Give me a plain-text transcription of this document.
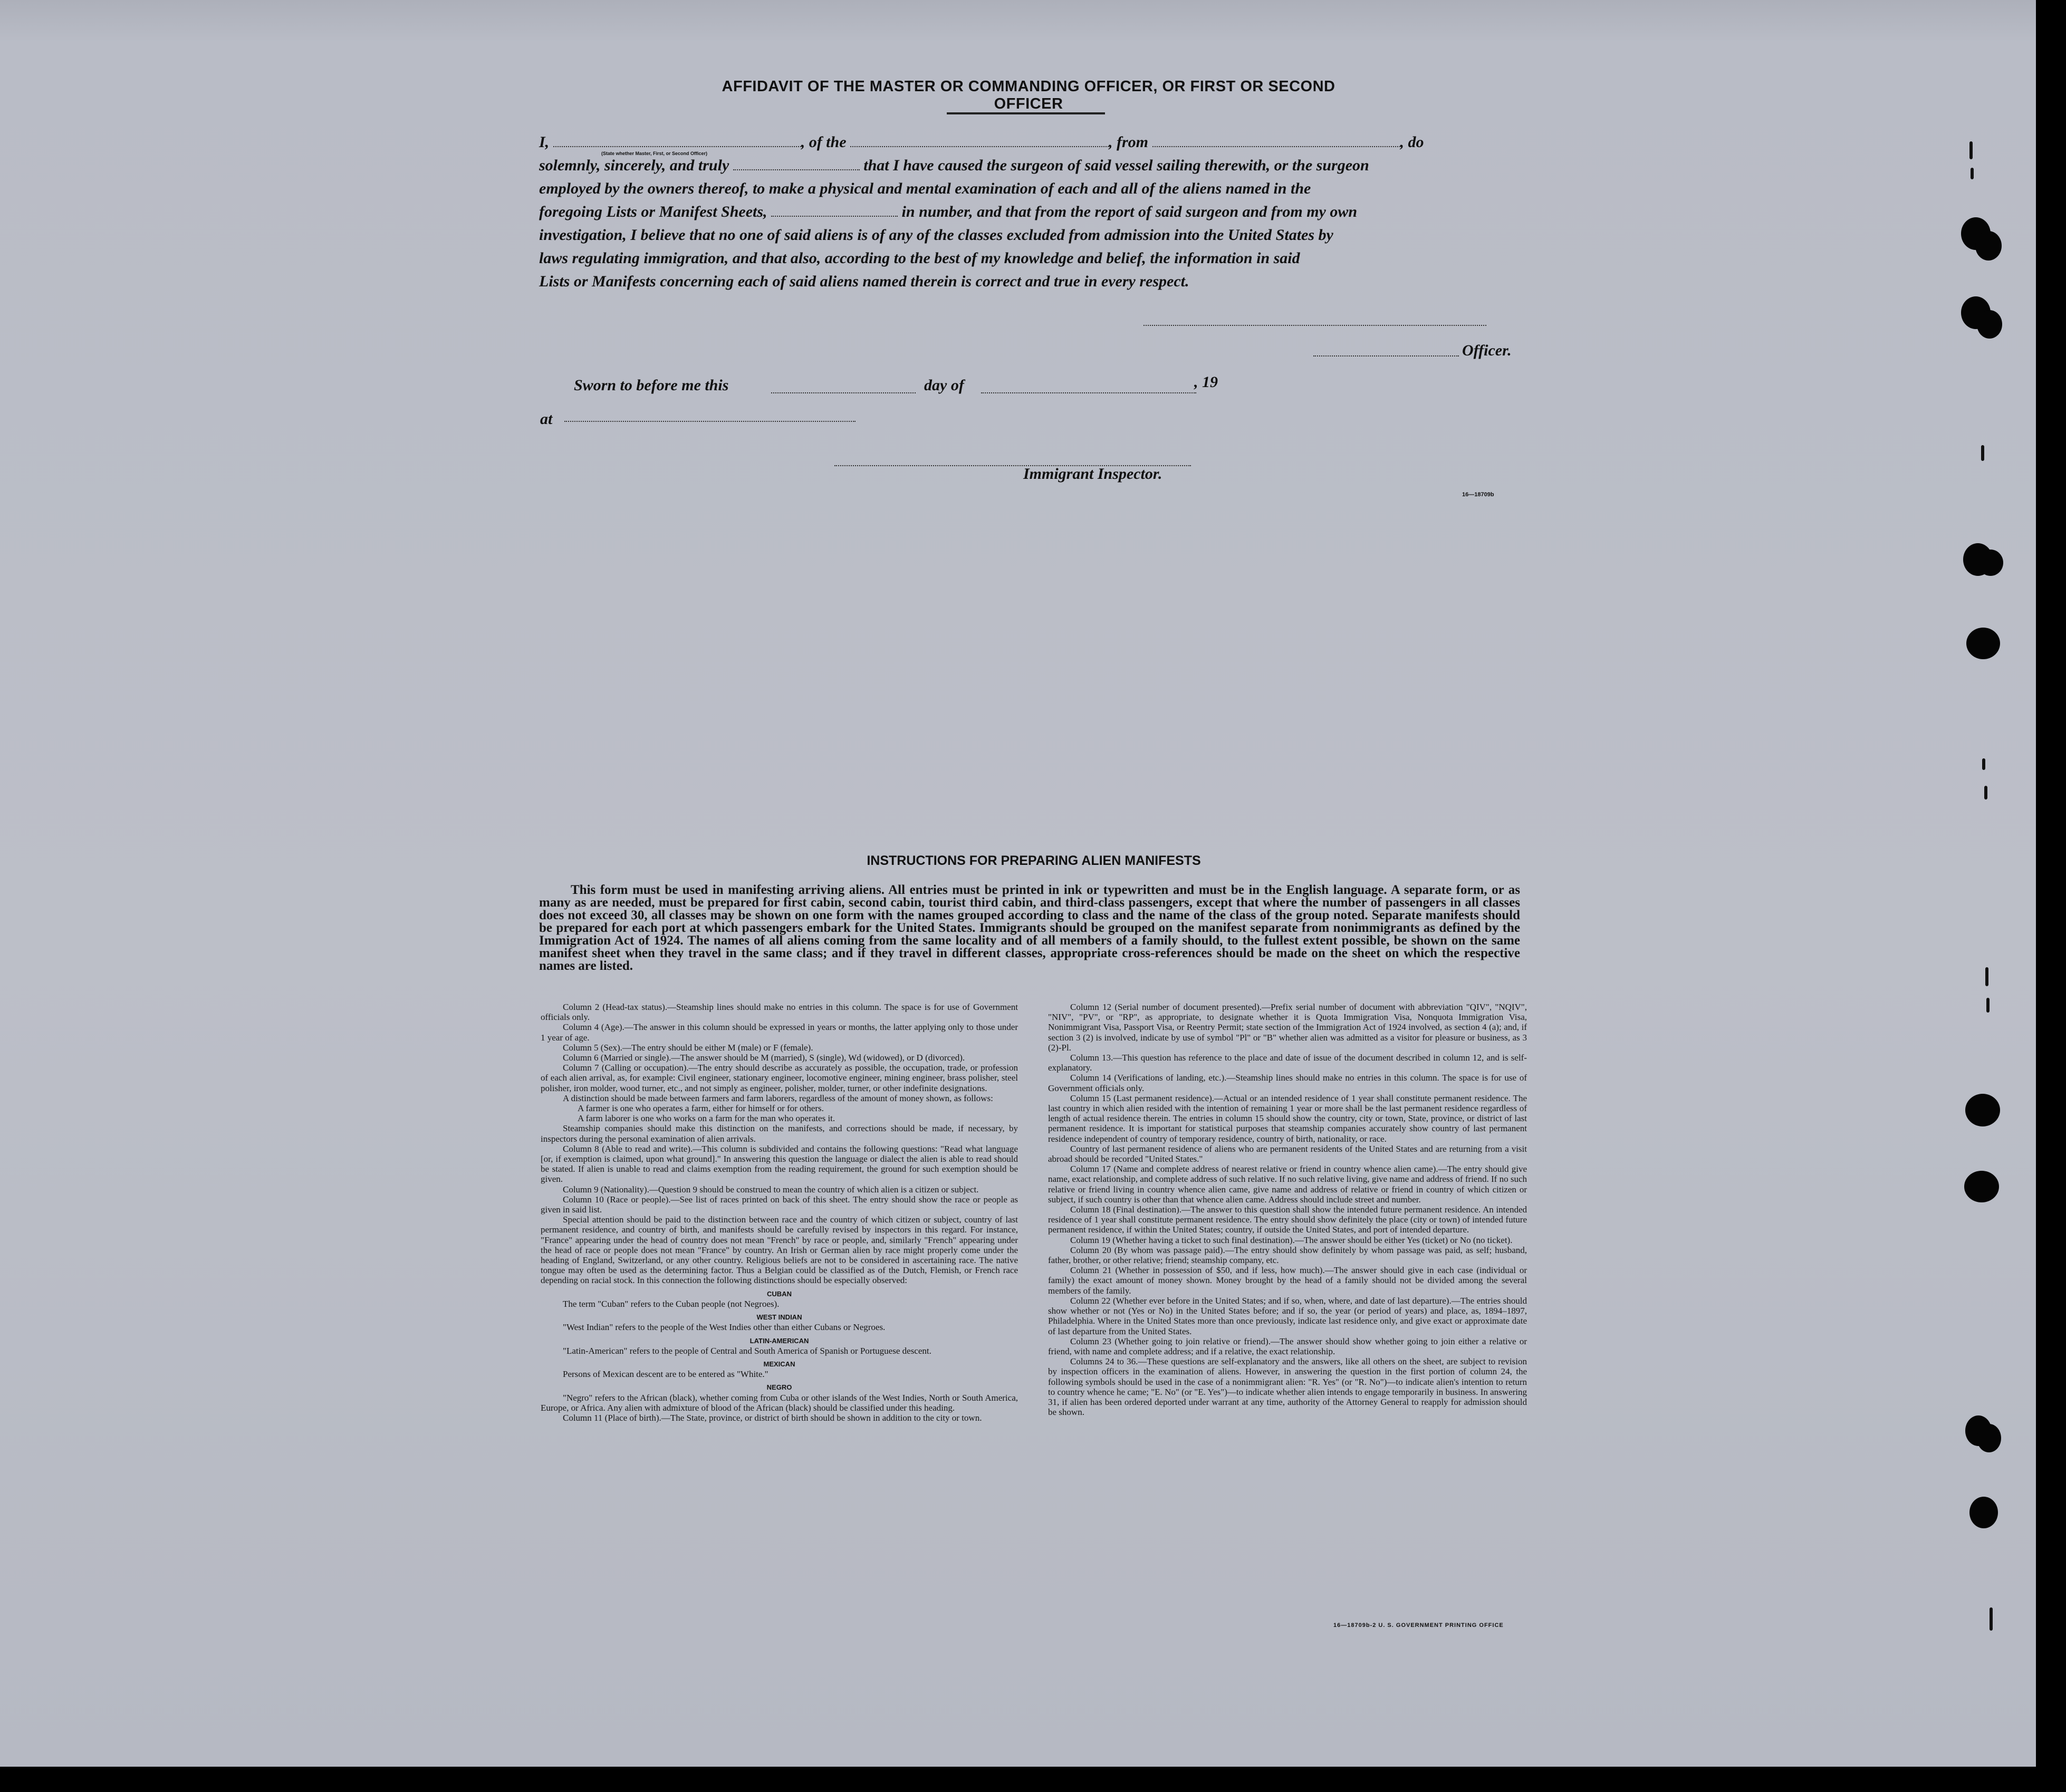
AFFIDAVIT OF THE MASTER OR COMMANDING OFFICER, OR FIRST OR SECOND OFFICER
I,	, of the	, from	, do
solemnly, sincerely, and truly	that I have caused the surgeon of said vessel sailing therewith, or the surgeon
employed by the owners thereof, to make a physical and mental examination of each and all of the aliens named in the
foregoing Lists or Manifest Sheets,	in number, and that from the report of said surgeon and from my own
investigation, I believe that no one of said aliens is of any of the classes excluded from admission into the United States by
laws regulating immigration, and that also, according to the best of my knowledge and belief, the information in said
Lists or Manifests concerning each of said aliens named therein is correct and true in every respect.
(State whether Master, First, or Second Officer)
Officer.
Sworn to before me this	day of	, 19
at
Immigrant Inspector.
16—18709b
INSTRUCTIONS FOR PREPARING ALIEN MANIFESTS
This form must be used in manifesting arriving aliens. All entries must be printed in ink or typewritten and must be in the English language. A separate form, or as many as are needed, must be prepared for first cabin, second cabin, tourist third cabin, and third-class passengers, except that where the number of passengers in all classes does not exceed 30, all classes may be shown on one form with the names grouped according to class and the name of the class of the group noted. Separate manifests should be prepared for each port at which passengers embark for the United States. Immigrants should be grouped on the manifest separate from nonimmigrants as defined by the Immigration Act of 1924. The names of all aliens coming from the same locality and of all members of a family should, to the fullest extent possible, be shown on the same manifest sheet when they travel in the same class; and if they travel in different classes, appropriate cross-references should be made on the sheet on which the respective names are listed.

Column 2 (Head-tax status).—Steamship lines should make no entries in this column. The space is for use of Government officials only.

Column 4 (Age).—The answer in this column should be expressed in years or months, the latter applying only to those under 1 year of age.

Column 5 (Sex).—The entry should be either M (male) or F (female).

Column 6 (Married or single).—The answer should be M (married), S (single), Wd (widowed), or D (divorced).

Column 7 (Calling or occupation).—The entry should describe as accurately as possible, the occupation, trade, or profession of each alien arrival, as, for example: Civil engineer, stationary engineer, locomotive engineer, mining engineer, brass polisher, steel polisher, iron molder, wood turner, etc., and not simply as engineer, polisher, molder, turner, or other indefinite designations.

A distinction should be made between farmers and farm laborers, regardless of the amount of money shown, as follows:

A farmer is one who operates a farm, either for himself or for others.

A farm laborer is one who works on a farm for the man who operates it.

Steamship companies should make this distinction on the manifests, and corrections should be made, if necessary, by inspectors during the personal examination of alien arrivals.

Column 8 (Able to read and write).—This column is subdivided and contains the following questions: "Read what language [or, if exemption is claimed, upon what ground]." In answering this question the language or dialect the alien is able to read should be stated. If alien is unable to read and claims exemption from the reading requirement, the ground for such exemption should be given.

Column 9 (Nationality).—Question 9 should be construed to mean the country of which alien is a citizen or subject.

Column 10 (Race or people).—See list of races printed on back of this sheet. The entry should show the race or people as given in said list.

Special attention should be paid to the distinction between race and the country of which citizen or subject, country of last permanent residence, and country of birth, and manifests should be carefully revised by inspectors in this regard. For instance, "France" appearing under the head of country does not mean "French" by race or people, and, similarly "French" appearing under the head of race or people does not mean "France" by country. An Irish or German alien by race might properly come under the heading of England, Switzerland, or any other country. Religious beliefs are not to be considered in ascertaining race. The native tongue may often be used as the determining factor. Thus a Belgian could be classified as of the Dutch, Flemish, or French race depending on racial stock. In this connection the following distinctions should be especially observed:

CUBAN

The term "Cuban" refers to the Cuban people (not Negroes).

WEST INDIAN

"West Indian" refers to the people of the West Indies other than either Cubans or Negroes.

LATIN-AMERICAN

"Latin-American" refers to the people of Central and South America of Spanish or Portuguese descent.

MEXICAN

Persons of Mexican descent are to be entered as "White."

NEGRO

"Negro" refers to the African (black), whether coming from Cuba or other islands of the West Indies, North or South America, Europe, or Africa. Any alien with admixture of blood of the African (black) should be classified under this heading.

Column 11 (Place of birth).—The State, province, or district of birth should be shown in addition to the city or town.

Column 12 (Serial number of document presented).—Prefix serial number of document with abbreviation "QIV", "NQIV", "NIV", "PV", or "RP", as appropriate, to designate whether it is Quota Immigration Visa, Nonquota Immigration Visa, Nonimmigrant Visa, Passport Visa, or Reentry Permit; state section of the Immigration Act of 1924 involved, as section 4 (a); and, if section 3 (2) is involved, indicate by use of symbol "Pl" or "B" whether alien was admitted as a visitor for pleasure or business, as 3 (2)-Pl.

Column 13.—This question has reference to the place and date of issue of the document described in column 12, and is self-explanatory.

Column 14 (Verifications of landing, etc.).—Steamship lines should make no entries in this column. The space is for use of Government officials only.

Column 15 (Last permanent residence).—Actual or an intended residence of 1 year shall constitute permanent residence. The last country in which alien resided with the intention of remaining 1 year or more shall be the last permanent residence regardless of length of actual residence therein. The entries in column 15 should show the country, city or town, State, province, or district of last permanent residence. It is important for statistical purposes that steamship companies accurately show country of last permanent residence independent of country of temporary residence, country of birth, nationality, or race.

Country of last permanent residence of aliens who are permanent residents of the United States and are returning from a visit abroad should be recorded "United States."

Column 17 (Name and complete address of nearest relative or friend in country whence alien came).—The entry should give name, exact relationship, and complete address of such relative. If no such relative living, give name and address of friend. If no such relative or friend living in country whence alien came, give name and address of relative or friend in country of which citizen or subject, if such country is other than that whence alien came. Address should include street and number.

Column 18 (Final destination).—The answer to this question shall show the intended future permanent residence. An intended residence of 1 year shall constitute permanent residence. The entry should show definitely the place (city or town) of intended future permanent residence, if within the United States; country, if outside the United States, and port of intended departure.

Column 19 (Whether having a ticket to such final destination).—The answer should be either Yes (ticket) or No (no ticket).

Column 20 (By whom was passage paid).—The entry should show definitely by whom passage was paid, as self; husband, father, brother, or other relative; friend; steamship company, etc.

Column 21 (Whether in possession of $50, and if less, how much).—The answer should give in each case (individual or family) the exact amount of money shown. Money brought by the head of a family should not be divided among the several members of the family.

Column 22 (Whether ever before in the United States; and if so, when, where, and date of last departure).—The entries should show whether or not (Yes or No) in the United States before; and if so, the year (or period of years) and place, as, 1894–1897, Philadelphia. Where in the United States more than once previously, indicate last residence only, and give exact or approximate date of last departure from the United States.

Column 23 (Whether going to join relative or friend).—The answer should show whether going to join either a relative or friend, with name and complete address; and if a relative, the exact relationship.

Columns 24 to 36.—These questions are self-explanatory and the answers, like all others on the sheet, are subject to revision by inspection officers in the examination of aliens. However, in answering the question in the first portion of column 24, the following symbols should be used in the case of a nonimmigrant alien: "R. Yes" (or "R. No")—to indicate alien's intention to return to country whence he came; "E. No" (or "E. Yes")—to indicate whether alien intends to engage temporarily in business. In answering 31, if alien has been ordered deported under warrant at any time, authority of the Attorney General to reapply for admission should be shown.

16—18709b-2 U. S. GOVERNMENT PRINTING OFFICE
